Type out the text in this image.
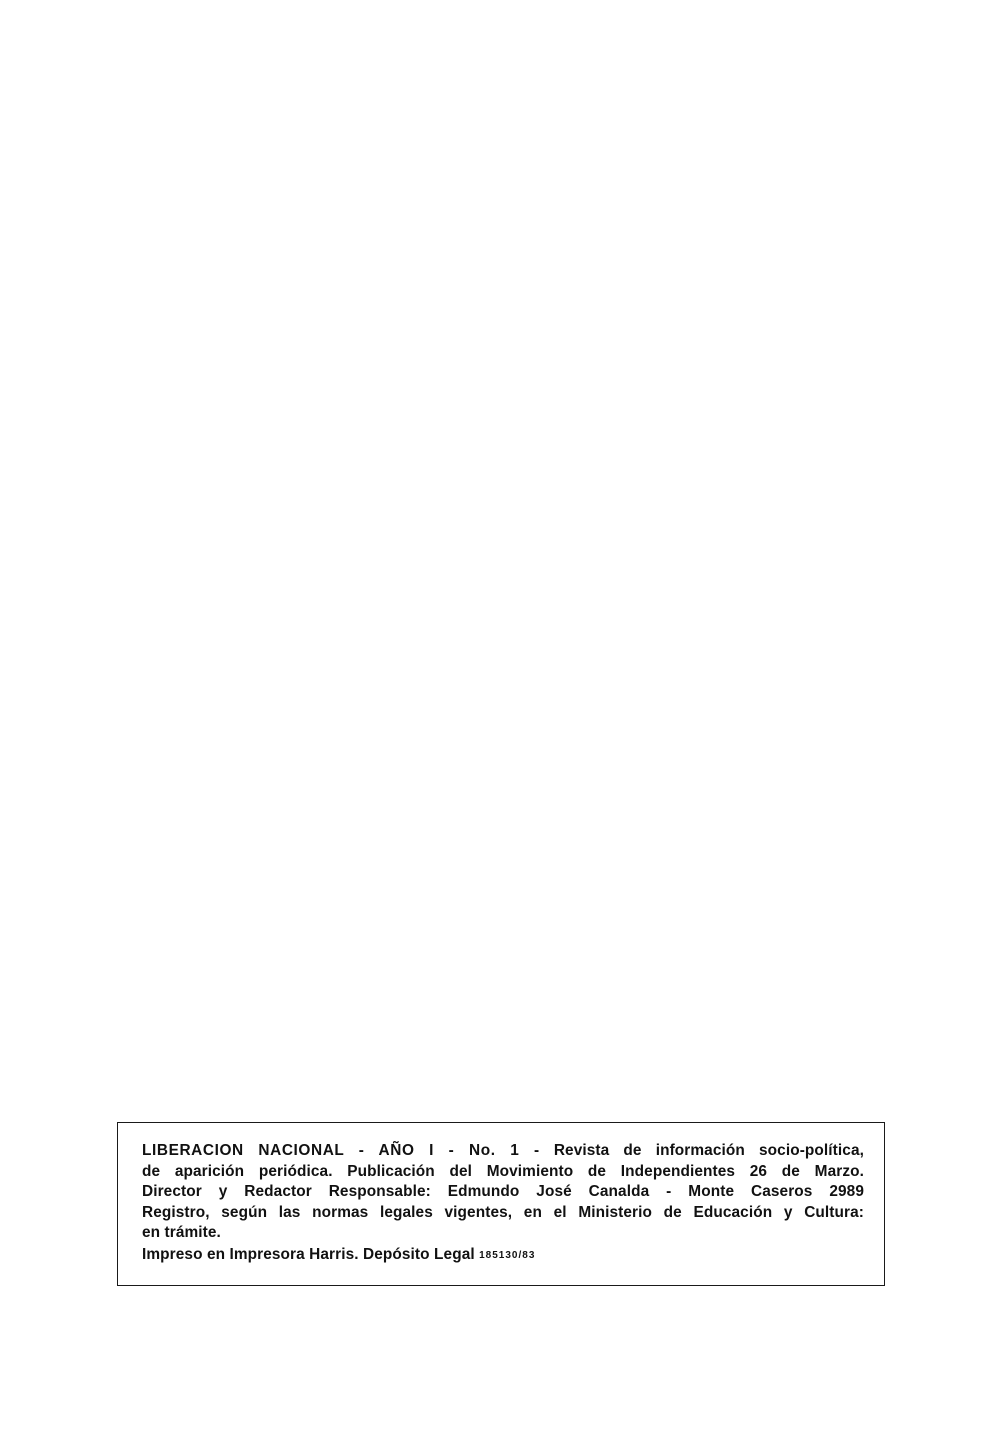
LIBERACION NACIONAL - AÑO I - No. 1 - Revista de información socio-política,
de aparición periódica. Publicación del Movimiento de Independientes 26 de Marzo.
Director y Redactor Responsable: Edmundo José Canalda - Monte Caseros 2989
Registro, según las normas legales vigentes, en el Ministerio de Educación y Cultura:
en trámite.
Impreso en Impresora Harris. Depósito Legal 185130/83
